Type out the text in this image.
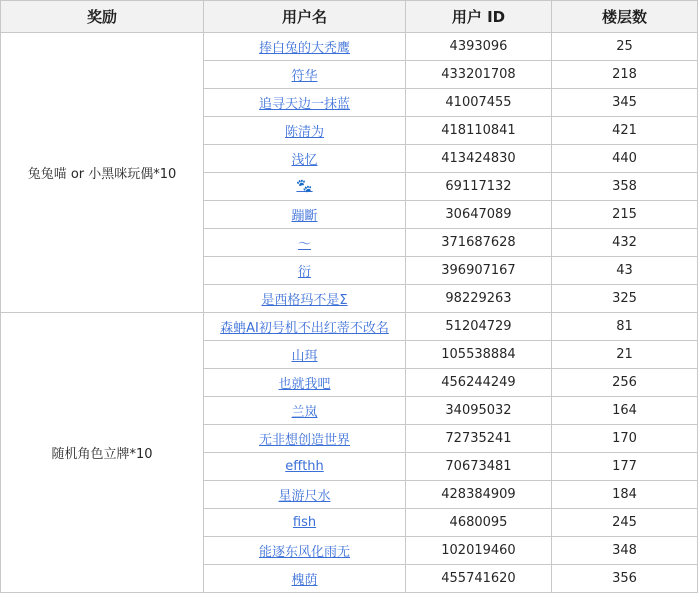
奖励	用户名	用户 ID	楼层数
兔兔喵 or 小黑咪玩偶*10	捧白兔的大秃鹰	4393096	25
	符华	433201708	218
	追寻天边一抹蓝	41007455	345
	陈清为	418110841	421
	浅忆	413424830	440
	🐾	69117132	358
	蹦斷	30647089	215
	～	371687628	432
	衍	396907167	43
	是西格玛不是Σ	98229263	325
随机角色立牌*10	森蚺AI初号机不出红蒂不改名	51204729	81
	山珥	105538884	21
	也就我吧	456244249	256
	兰岚	34095032	164
	无非想创造世界	72735241	170
	effthh	70673481	177
	星游尺水	428384909	184
	fish	4680095	245
	能逐东风化雨无	102019460	348
	槐荫	455741620	356
